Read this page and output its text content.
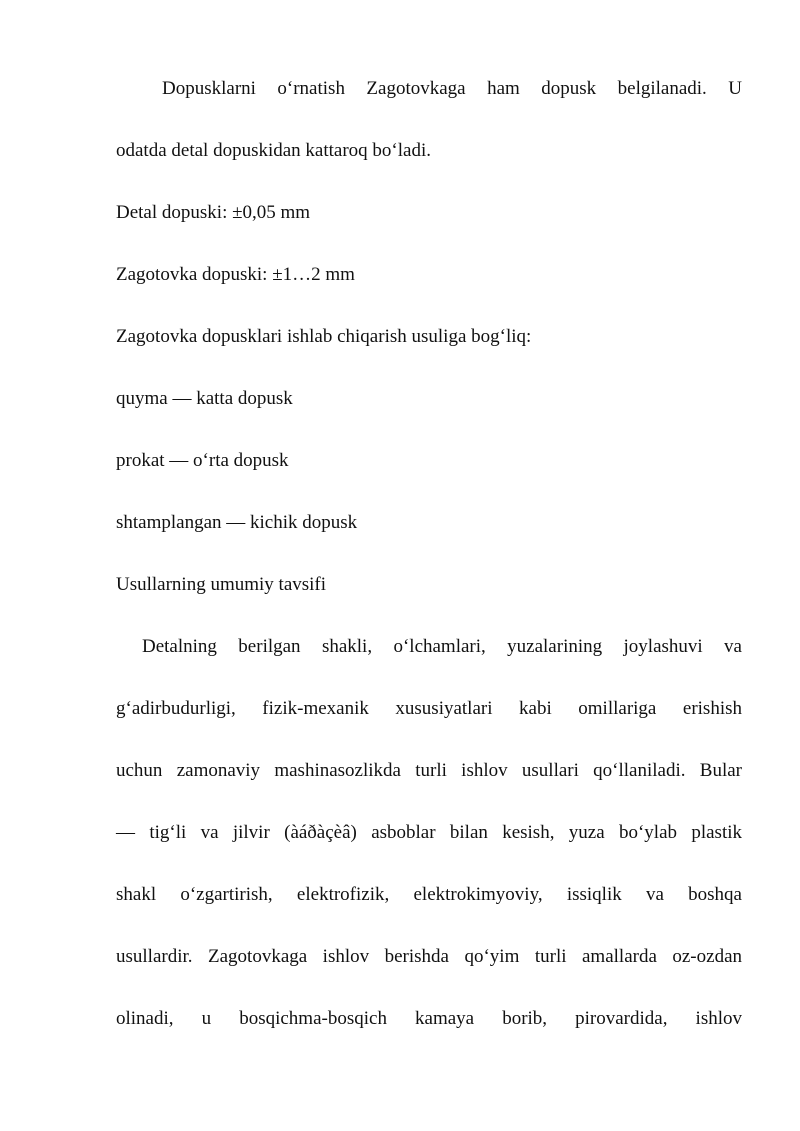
Dopusklarni o‘rnatish Zagotovkaga ham dopusk belgilanadi. U
odatda detal dopuskidan kattaroq bo‘ladi.
Detal dopuski: ±0,05 mm
Zagotovka dopuski: ±1…2 mm
Zagotovka dopusklari ishlab chiqarish usuliga bog‘liq:
quyma — katta dopusk
prokat — o‘rta dopusk
shtamplangan — kichik dopusk
Usullarning umumiy tavsifi
Detalning berilgan shakli, o‘lchamlari, yuzalarining joylashuvi va
g‘adirbudurligi, fizik-mexanik xususiyatlari kabi omillariga erishish
uchun zamonaviy mashinasozlikda turli ishlov usullari qo‘llaniladi. Bular
— tig‘li va jilvir (àáðàçèâ) asboblar bilan kesish, yuza bo‘ylab plastik
shakl o‘zgartirish, elektrofizik, elektrokimyoviy, issiqlik va boshqa
usullardir. Zagotovkaga ishlov berishda qo‘yim turli amallarda oz-ozdan
olinadi, u bosqichma-bosqich kamaya borib, pirovardida, ishlov
